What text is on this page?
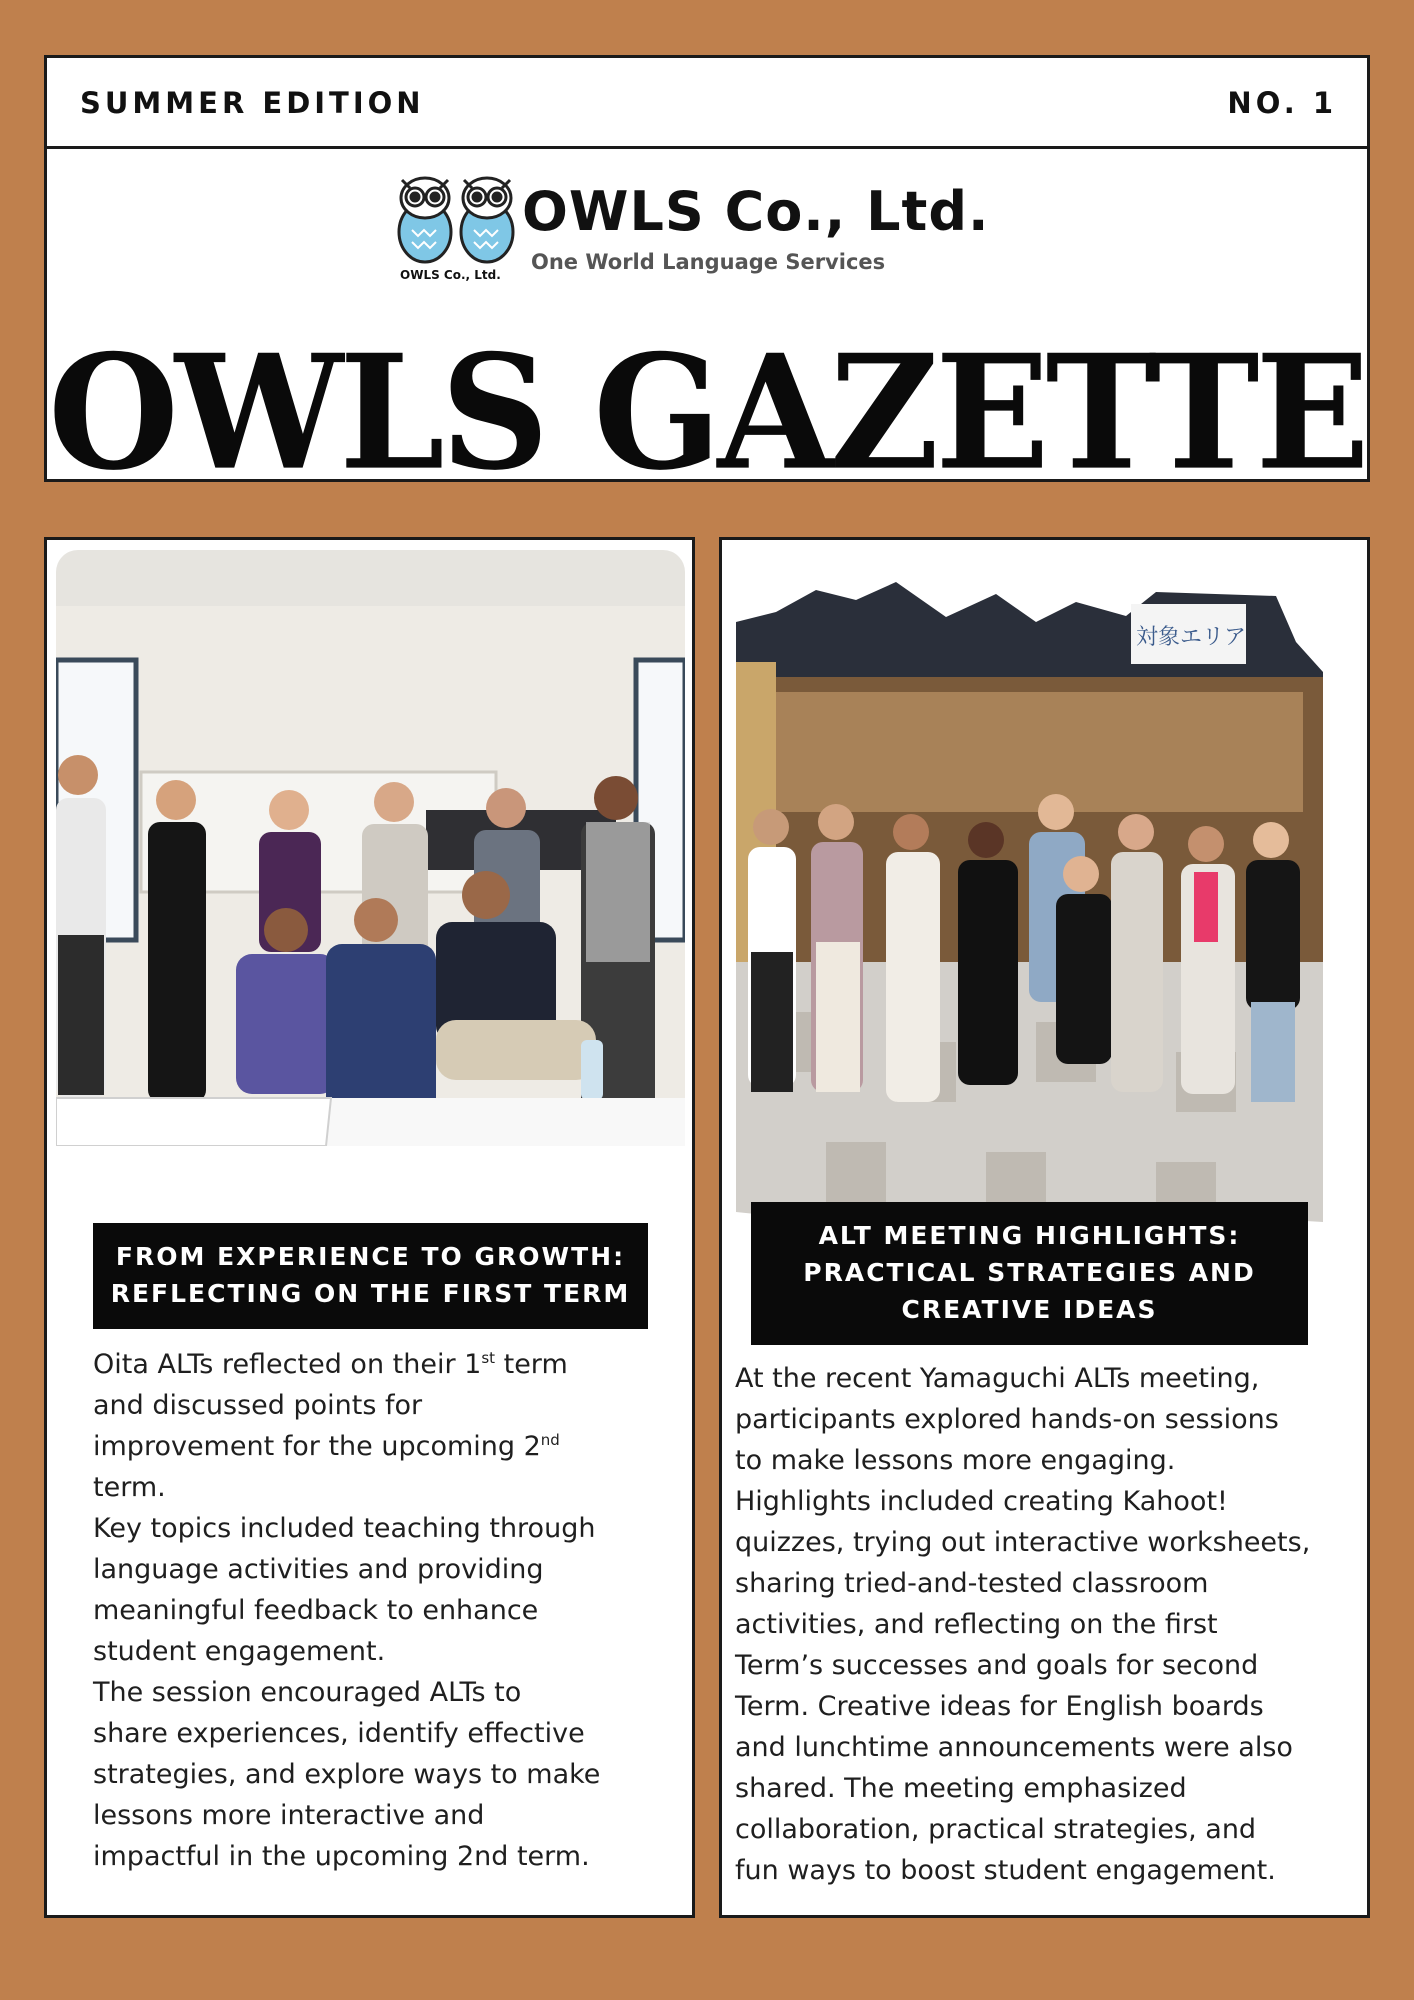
SUMMER EDITION	NO. 1
OWLS Co., Ltd.
OWLS Co., Ltd.
One World Language Services
OWLS GAZETTE
FROM EXPERIENCE TO GROWTH:
REFLECTING ON THE FIRST TERM
Oita ALTs reflected on their 1st term
and discussed points for
improvement for the upcoming 2nd
term.
Key topics included teaching through
language activities and providing
meaningful feedback to enhance
student engagement.
The session encouraged ALTs to
share experiences, identify effective
strategies, and explore ways to make
lessons more interactive and
impactful in the upcoming 2nd term.
対象エリア
ALT MEETING HIGHLIGHTS:
PRACTICAL STRATEGIES AND
CREATIVE IDEAS
At the recent Yamaguchi ALTs meeting,
participants explored hands-on sessions
to make lessons more engaging.
Highlights included creating Kahoot!
quizzes, trying out interactive worksheets,
sharing tried-and-tested classroom
activities, and reflecting on the first
Term’s successes and goals for second
Term. Creative ideas for English boards
and lunchtime announcements were also
shared. The meeting emphasized
collaboration, practical strategies, and
fun ways to boost student engagement.
